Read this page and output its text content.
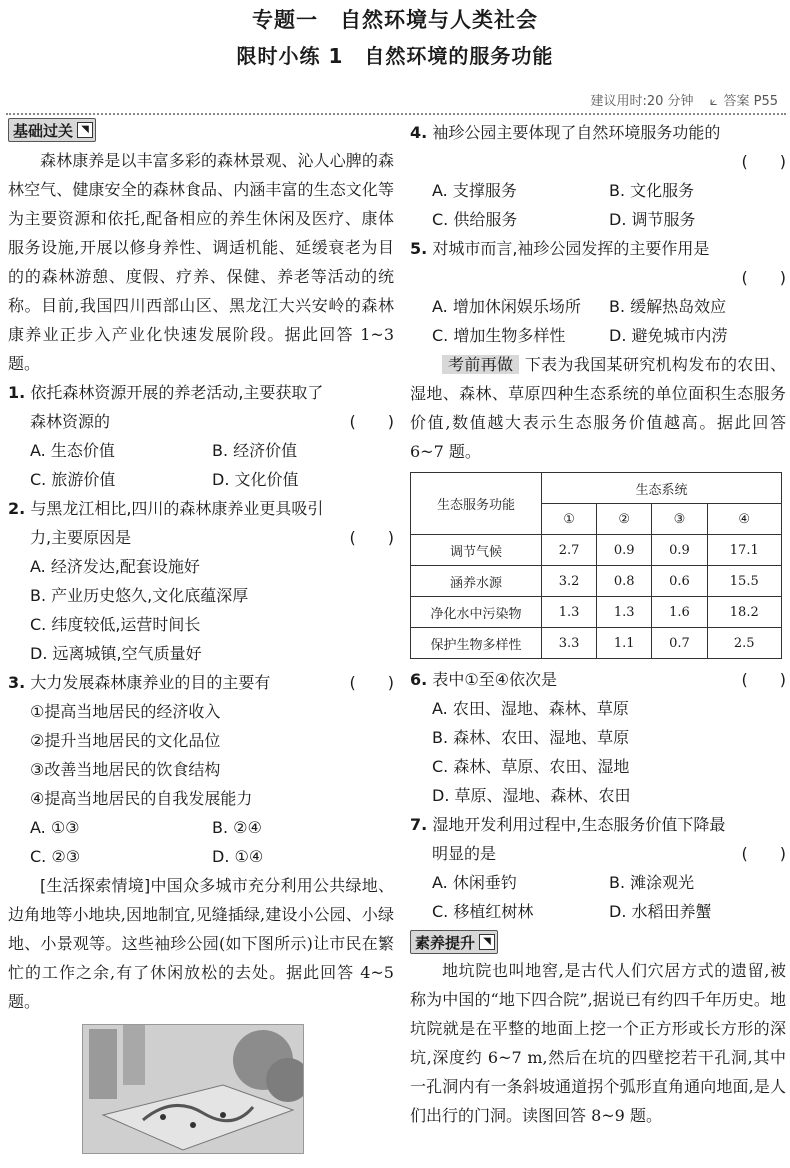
专题一　自然环境与人类社会
限时小练 1　自然环境的服务功能
建议用时:20 分钟 ⟀ 答案 P55
基础过关 ◥

森林康养是以丰富多彩的森林景观、沁人心脾的森林空气、健康安全的森林食品、内涵丰富的生态文化等为主要资源和依托,配备相应的养生休闲及医疗、康体服务设施,开展以修身养性、调适机能、延缓衰老为目的的森林游憩、度假、疗养、保健、养老等活动的统称。目前,我国四川西部山区、黑龙江大兴安岭的森林康养业正步入产业化快速发展阶段。据此回答 1~3 题。

1. 依托森林资源开展的养老活动,主要获取了

森林资源的	(　　)

A. 生态价值	B. 经济价值
C. 旅游价值	D. 文化价值

2. 与黑龙江相比,四川的森林康养业更具吸引

力,主要原因是	(　　)

A. 经济发达,配套设施好
B. 产业历史悠久,文化底蕴深厚
C. 纬度较低,运营时间长
D. 远离城镇,空气质量好

3. 大力发展森林康养业的目的主要有	(　　)

①提高当地居民的经济收入
②提升当地居民的文化品位
③改善当地居民的饮食结构
④提高当地居民的自我发展能力
A. ①③	B. ②④
C. ②③	D. ①④

[生活探索情境]中国众多城市充分利用公共绿地、边角地等小地块,因地制宜,见缝插绿,建设小公园、小绿地、小景观等。这些袖珍公园(如下图所示)让市民在繁忙的工作之余,有了休闲放松的去处。据此回答 4~5 题。

4. 袖珍公园主要体现了自然环境服务功能的

(　　)

A. 支撑服务	B. 文化服务
C. 供给服务	D. 调节服务

5. 对城市而言,袖珍公园发挥的主要作用是

(　　)

A. 增加休闲娱乐场所	B. 缓解热岛效应
C. 增加生物多样性	D. 避免城市内涝

考前再做 下表为我国某研究机构发布的农田、湿地、森林、草原四种生态系统的单位面积生态服务价值,数值越大表示生态服务价值越高。据此回答 6~7 题。

生态服务功能	生态系统			
	①	②	③	④
调节气候	2.7	0.9	0.9	17.1
涵养水源	3.2	0.8	0.6	15.5
净化水中污染物	1.3	1.3	1.6	18.2
保护生物多样性	3.3	1.1	0.7	2.5

6. 表中①至④依次是	(　　)

A. 农田、湿地、森林、草原
B. 森林、农田、湿地、草原
C. 森林、草原、农田、湿地
D. 草原、湿地、森林、农田

7. 湿地开发利用过程中,生态服务价值下降最

明显的是	(　　)

A. 休闲垂钓	B. 滩涂观光
C. 移植红树林	D. 水稻田养蟹
素养提升 ◥

地坑院也叫地窖,是古代人们穴居方式的遗留,被称为中国的“地下四合院”,据说已有约四千年历史。地坑院就是在平整的地面上挖一个正方形或长方形的深坑,深度约 6~7 m,然后在坑的四壁挖若干孔洞,其中一孔洞内有一条斜坡通道拐个弧形直角通向地面,是人们出行的门洞。读图回答 8~9 题。
